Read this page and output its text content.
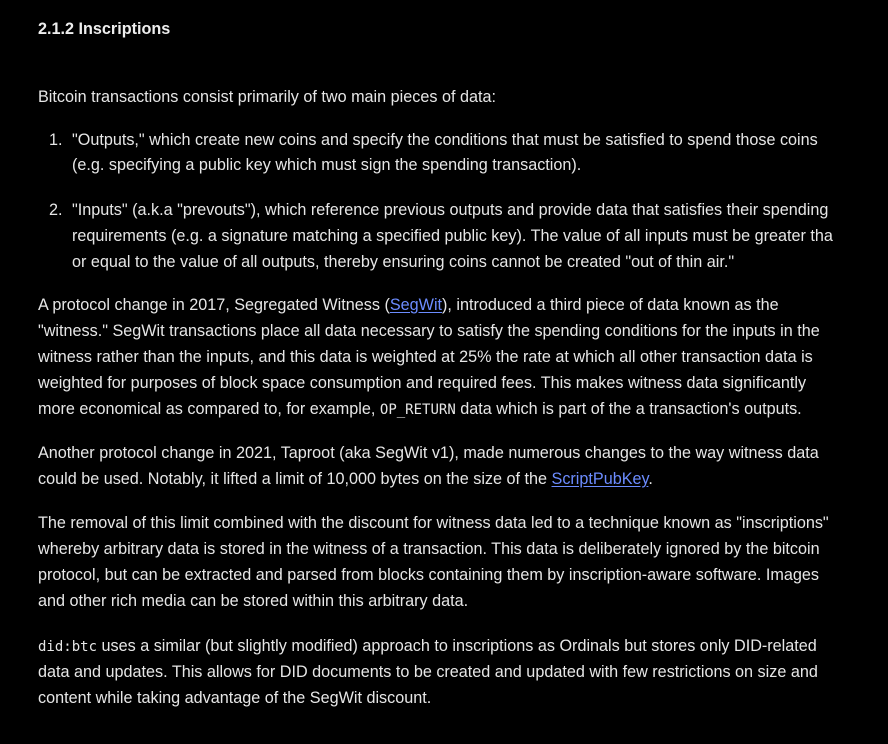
2.1.2 Inscriptions
Bitcoin transactions consist primarily of two main pieces of data:
1. "Outputs," which create new coins and specify the conditions that must be satisfied to spend those coins
(e.g. specifying a public key which must sign the spending transaction).
2. "Inputs" (a.k.a "prevouts"), which reference previous outputs and provide data that satisfies their spending
requirements (e.g. a signature matching a specified public key). The value of all inputs must be greater tha
or equal to the value of all outputs, thereby ensuring coins cannot be created "out of thin air."
A protocol change in 2017, Segregated Witness (SegWit), introduced a third piece of data known as the
"witness." SegWit transactions place all data necessary to satisfy the spending conditions for the inputs in the
witness rather than the inputs, and this data is weighted at 25% the rate at which all other transaction data is
weighted for purposes of block space consumption and required fees. This makes witness data significantly
more economical as compared to, for example, OP_RETURN data which is part of the a transaction's outputs.
Another protocol change in 2021, Taproot (aka SegWit v1), made numerous changes to the way witness data
could be used. Notably, it lifted a limit of 10,000 bytes on the size of the ScriptPubKey.
The removal of this limit combined with the discount for witness data led to a technique known as "inscriptions"
whereby arbitrary data is stored in the witness of a transaction. This data is deliberately ignored by the bitcoin
protocol, but can be extracted and parsed from blocks containing them by inscription-aware software. Images
and other rich media can be stored within this arbitrary data.
did:btc uses a similar (but slightly modified) approach to inscriptions as Ordinals but stores only DID-related
data and updates. This allows for DID documents to be created and updated with few restrictions on size and
content while taking advantage of the SegWit discount.
